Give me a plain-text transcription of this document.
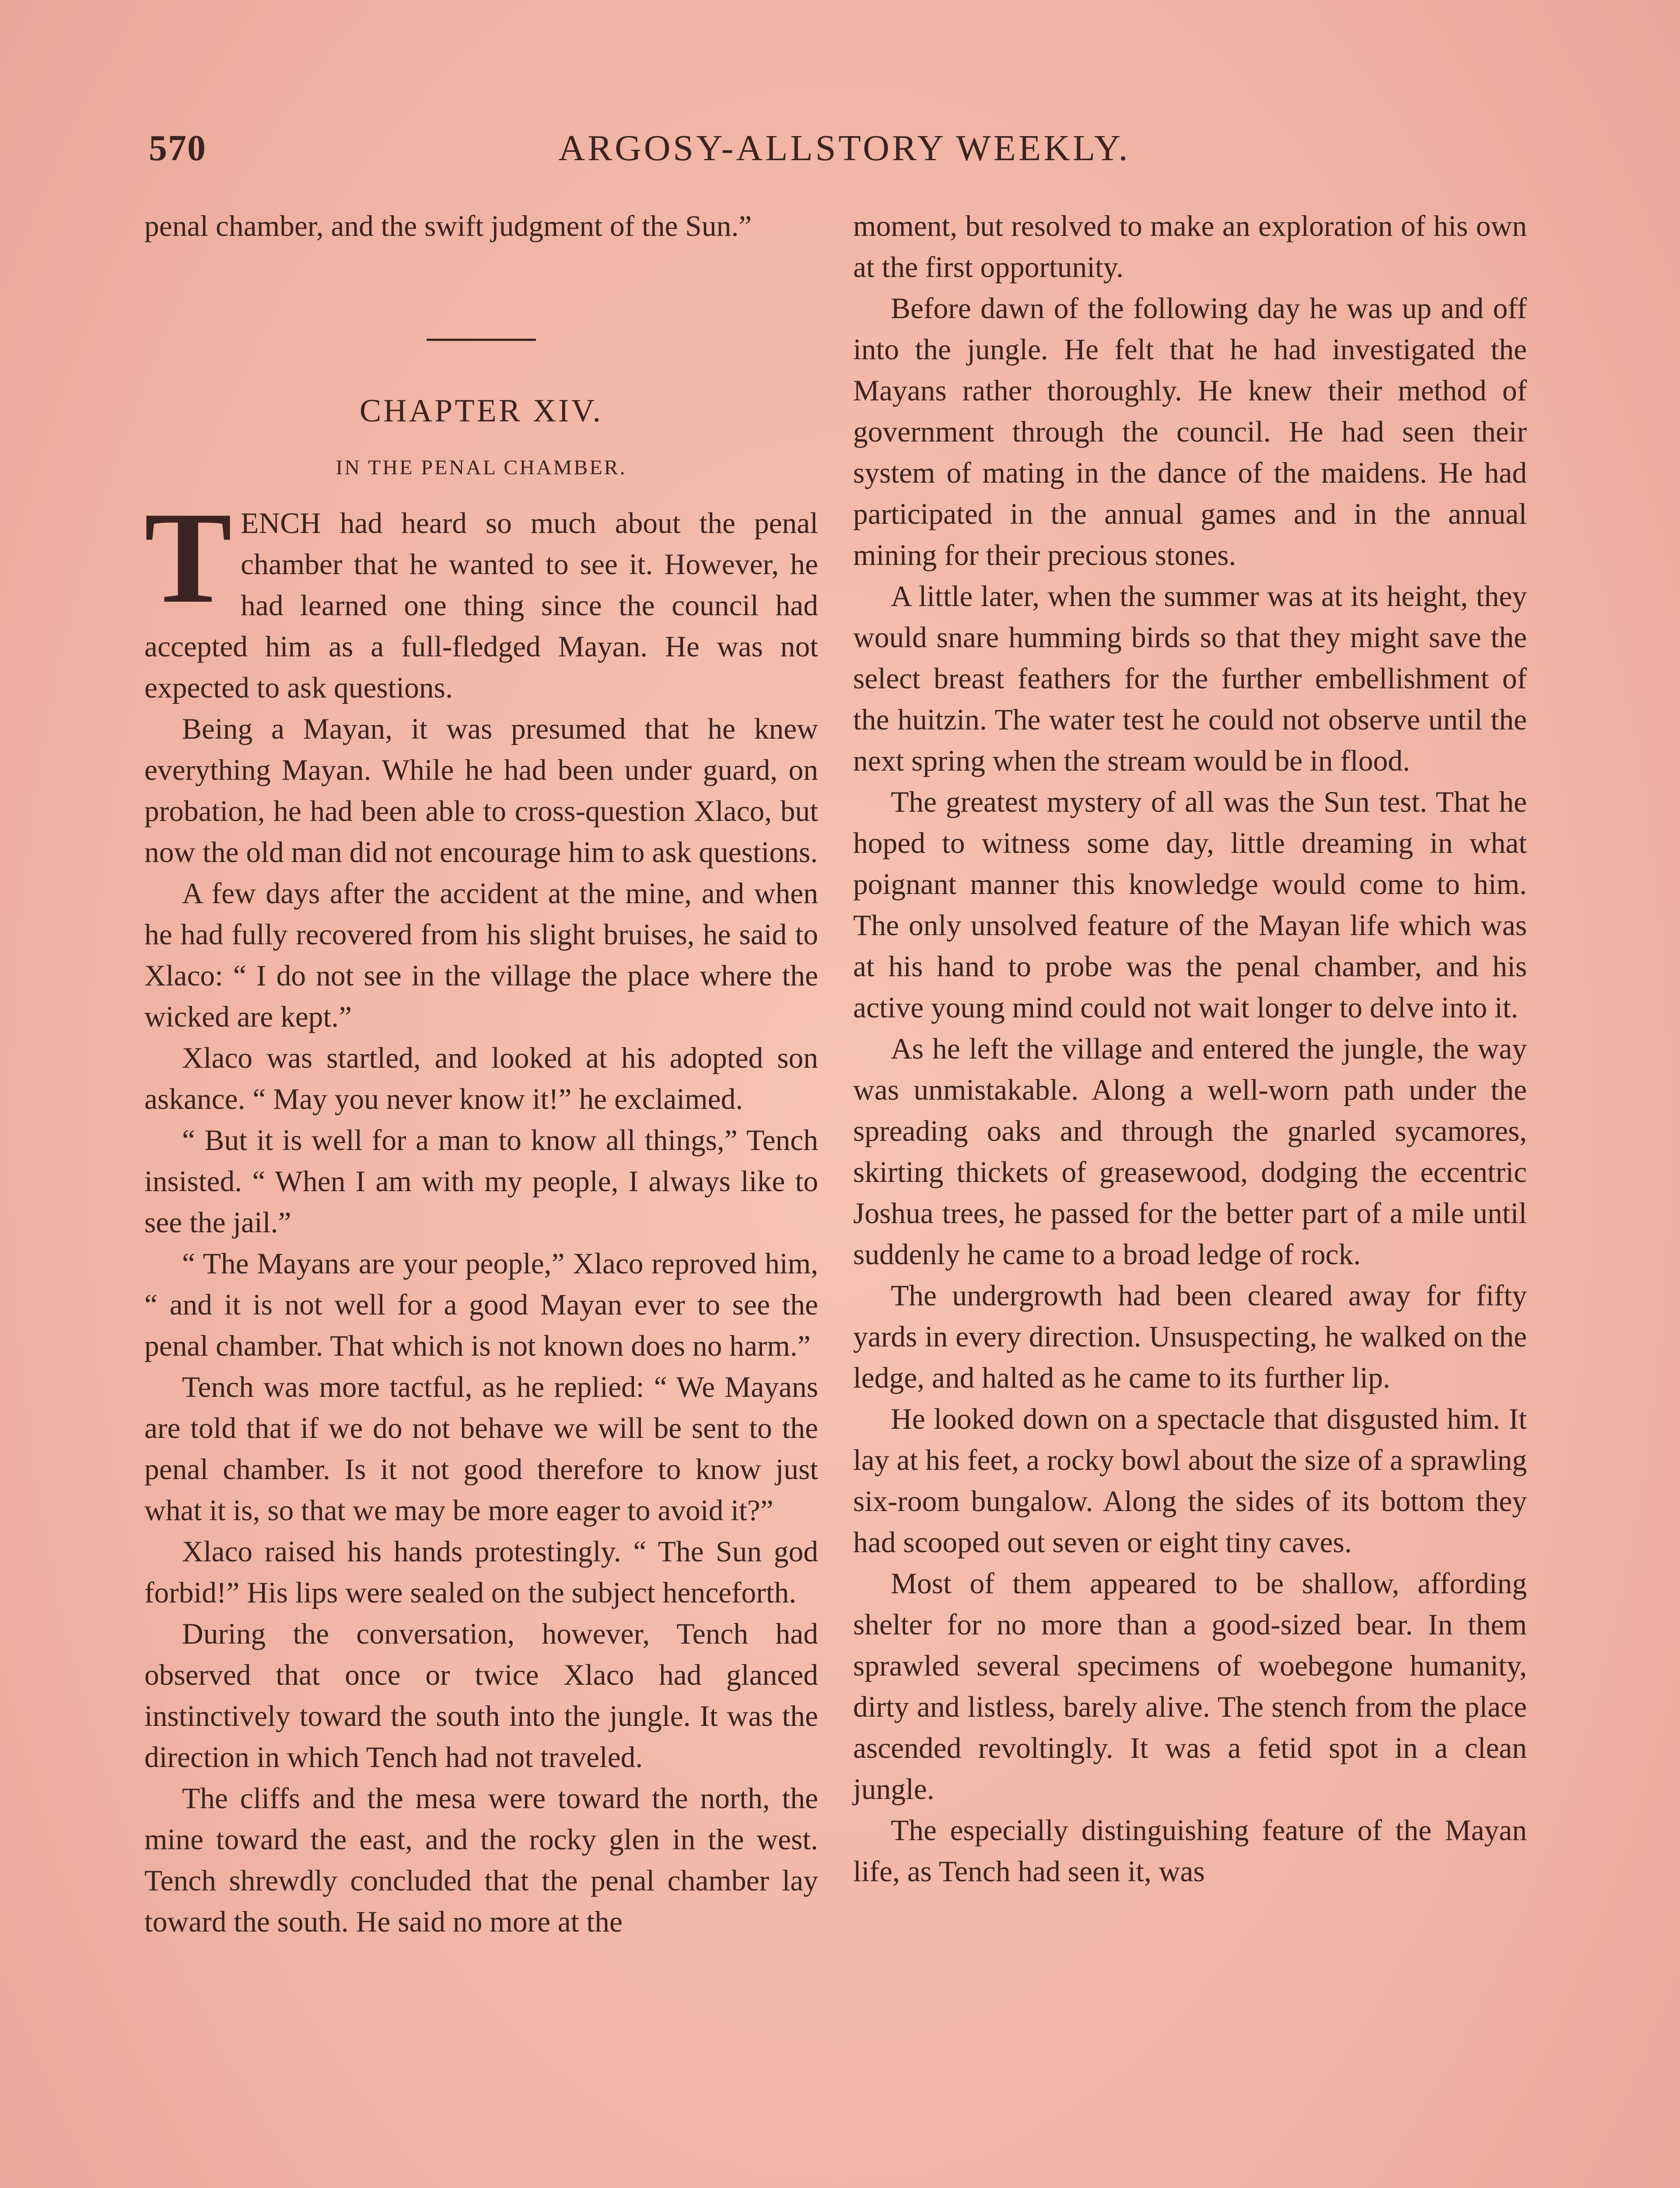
570	ARGOSY-ALLSTORY WEEKLY.

penal chamber, and the swift judgment of the Sun.”

CHAPTER XIV.
IN THE PENAL CHAMBER.

TENCH had heard so much about the penal chamber that he wanted to see it. However, he had learned one thing since the council had accepted him as a full-fledged Mayan. He was not expected to ask questions.

Being a Mayan, it was presumed that he knew everything Mayan. While he had been under guard, on probation, he had been able to cross-question Xlaco, but now the old man did not encourage him to ask questions.

A few days after the accident at the mine, and when he had fully recovered from his slight bruises, he said to Xlaco: “ I do not see in the village the place where the wicked are kept.”

Xlaco was startled, and looked at his adopted son askance. “ May you never know it!” he exclaimed.

“ But it is well for a man to know all things,” Tench insisted. “ When I am with my people, I always like to see the jail.”

“ The Mayans are your people,” Xlaco reproved him, “ and it is not well for a good Mayan ever to see the penal chamber. That which is not known does no harm.”

Tench was more tactful, as he replied: “ We Mayans are told that if we do not behave we will be sent to the penal chamber. Is it not good therefore to know just what it is, so that we may be more eager to avoid it?”

Xlaco raised his hands protestingly. “ The Sun god forbid!” His lips were sealed on the subject henceforth.

During the conversation, however, Tench had observed that once or twice Xlaco had glanced instinctively toward the south into the jungle. It was the direction in which Tench had not traveled.

The cliffs and the mesa were toward the north, the mine toward the east, and the rocky glen in the west. Tench shrewdly concluded that the penal chamber lay toward the south. He said no more at the

moment, but resolved to make an exploration of his own at the first opportunity.

Before dawn of the following day he was up and off into the jungle. He felt that he had investigated the Mayans rather thoroughly. He knew their method of government through the council. He had seen their system of mating in the dance of the maidens. He had participated in the annual games and in the annual mining for their precious stones.

A little later, when the summer was at its height, they would snare humming birds so that they might save the select breast feathers for the further embellishment of the huitzin. The water test he could not observe until the next spring when the stream would be in flood.

The greatest mystery of all was the Sun test. That he hoped to witness some day, little dreaming in what poignant manner this knowledge would come to him. The only unsolved feature of the Mayan life which was at his hand to probe was the penal chamber, and his active young mind could not wait longer to delve into it.

As he left the village and entered the jungle, the way was unmistakable. Along a well-worn path under the spreading oaks and through the gnarled sycamores, skirting thickets of greasewood, dodging the eccentric Joshua trees, he passed for the better part of a mile until suddenly he came to a broad ledge of rock.

The undergrowth had been cleared away for fifty yards in every direction. Unsuspecting, he walked on the ledge, and halted as he came to its further lip.

He looked down on a spectacle that disgusted him. It lay at his feet, a rocky bowl about the size of a sprawling six-room bungalow. Along the sides of its bottom they had scooped out seven or eight tiny caves.

Most of them appeared to be shallow, affording shelter for no more than a good-sized bear. In them sprawled several specimens of woebegone humanity, dirty and listless, barely alive. The stench from the place ascended revoltingly. It was a fetid spot in a clean jungle.

The especially distinguishing feature of the Mayan life, as Tench had seen it, was
